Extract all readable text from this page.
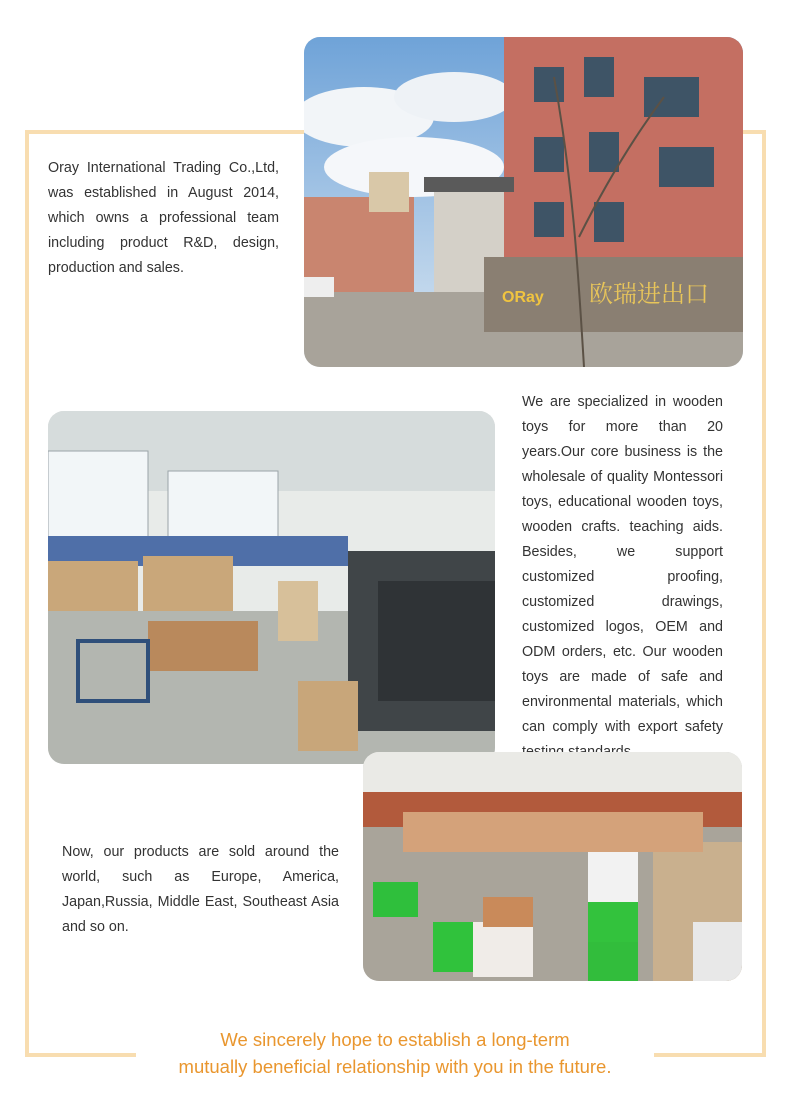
Oray International Trading Co.,Ltd, was established in August 2014, which owns a professional team including product R&D, design, production and sales.
ORay 欧瑞进出口
We are specialized in wooden toys for more than 20 years.Our core business is the wholesale of quality Montessori toys, educational wooden toys, wooden crafts. teaching aids. Besides, we support customized proofing, customized drawings, customized logos, OEM and ODM orders, etc. Our wooden toys are made of safe and environmental materials, which can comply with export safety
Now, our products are sold around the world, such as Europe, America, Japan,Russia, Middle East, Southeast Asia and so on.
We sincerely hope to establish a long-term
mutually beneficial relationship with you in the future.
